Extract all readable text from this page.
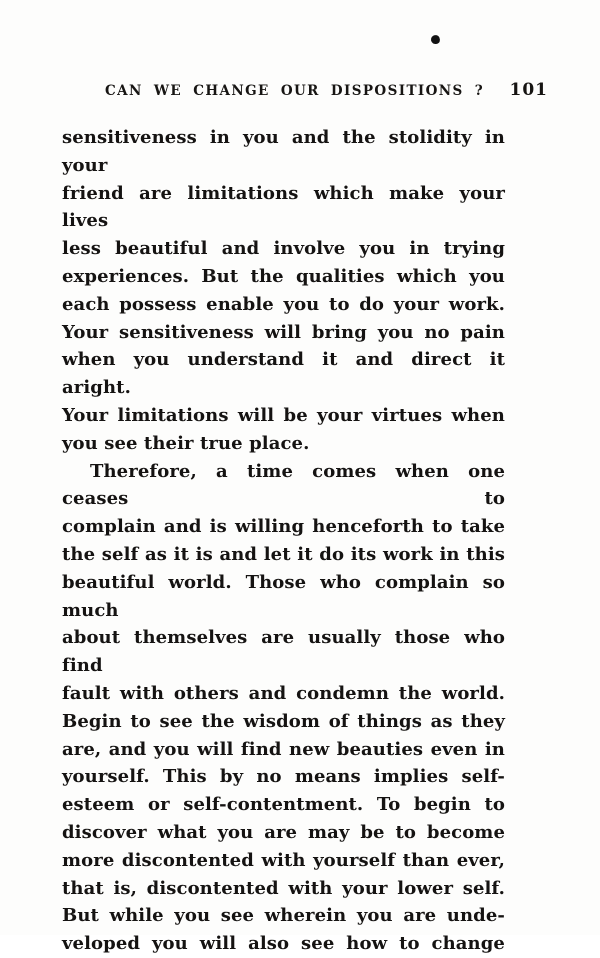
CAN WE CHANGE OUR DISPOSITIONS ? 101

sensitiveness in you and the stolidity in your
friend are limitations which make your lives
less beautiful and involve you in trying
experiences. But the qualities which you
each possess enable you to do your work.
Your sensitiveness will bring you no pain
when you understand it and direct it aright.
Your limitations will be your virtues when
you see their true place.

Therefore, a time comes when one ceases to
complain and is willing henceforth to take
the self as it is and let it do its work in this
beautiful world. Those who complain so much
about themselves are usually those who find
fault with others and condemn the world.
Begin to see the wisdom of things as they
are, and you will find new beauties even in
yourself. This by no means implies self-
esteem or self-contentment. To begin to
discover what you are may be to become
more discontented with yourself than ever,
that is, discontented with your lower self.
But while you see wherein you are unde-
veloped you will also see how to change
